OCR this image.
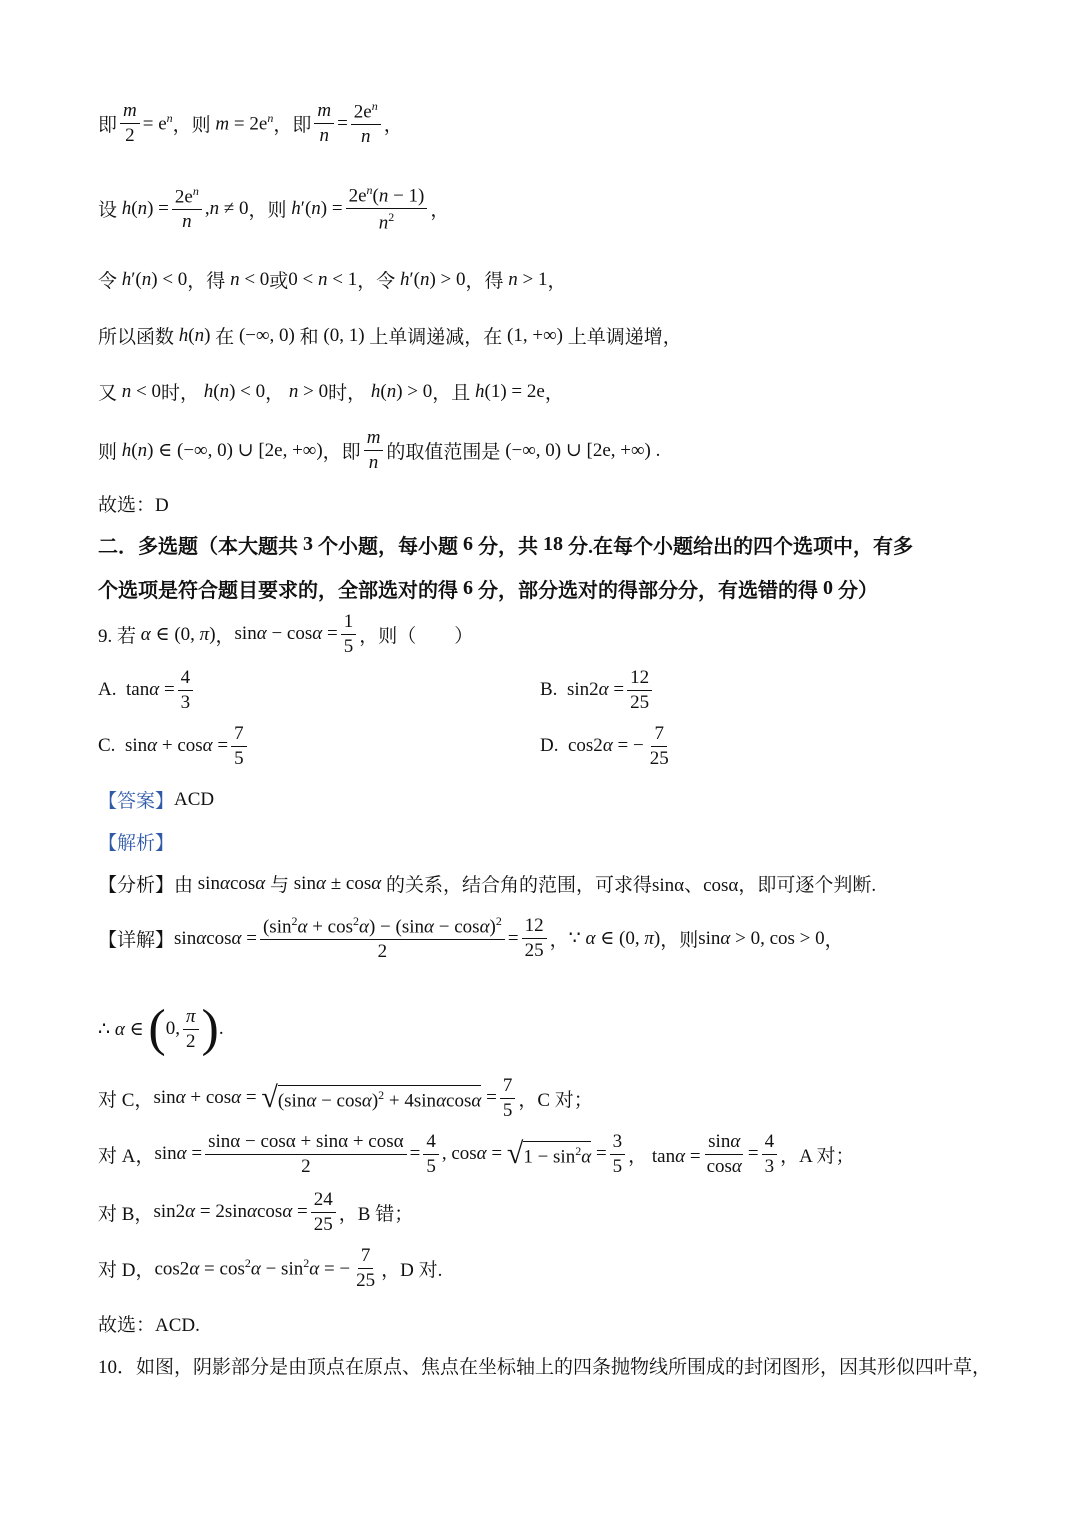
即 $\frac{m}{2} = e^n$ ，则 $m = 2e^n$ ，即 $\frac{m}{n} = \frac{2e^n}{n}$ ，
设 $h(n) = \frac{2e^n}{n} ,n \ne 0$ ，则 $h'(n) = \frac{2e^n(n - 1)}{n^2}$ ，
令 h′(n) < 0 ，得 n < 0 或 0 < n < 1 ，令 h′(n) > 0 ，得 n > 1 ，
所以函数 h(n) 在 (−∞, 0) 和 (0, 1) 上单调递减，在 (1, +∞) 上单调递增，
又 n < 0 时， h(n) < 0 ， n > 0 时， h(n) > 0 ，且 h(1) = 2e ，
则 h(n) ∈ (−∞, 0) ∪ [2e, +∞) ，即 $\frac{m}{n}$ 的取值范围是 (−∞, 0) ∪ [2e, +∞) .
故选：D
二．多选题（本大题共
3
个小题，每小题
6
分，共
18
分.在每个小题给出的四个选项中，有多
个选项是符合题目要求的，全部选对的得
6
分，部分选对的得部分分，有选错的得
0
分）
9. 若 α ∈ (0, π) ， $\sin\alpha - \cos\alpha = \frac{1}{5}$ ，则（　　）
A. $\tan\alpha = \frac{4}{3}$	B. $\sin 2\alpha = \frac{12}{25}$
C. $\sin\alpha + \cos\alpha = \frac{7}{5}$	D. cos2α = − $\frac{7}{25}$
【答案】 ACD
【解析】
【分析】 由 sinαcosα 与 sinα ± cosα 的关系，结合角的范围，可求得 sinα、cosα ，即可逐个判断.
【详解】 $\sin\alpha\cos\alpha = \frac{(\sin^2\alpha + \cos^2\alpha) - (\sin\alpha - \cos\alpha)^2}{2} = \frac{12}{25}$ ， ∵ α ∈ (0, π) ，则 sinα > 0, cos > 0 ，
∴ α ∈ ( 0, $\frac{\pi}{2}$ ) .
对 C， sinα + cosα = √ $(\sin\alpha - \cos\alpha)^2 + 4\sin\alpha\cos\alpha = \frac{7}{5}$ ，C 对；
对 A， $\sin\alpha = \frac{\sin\alpha - \cos\alpha + \sin\alpha + \cos\alpha}{2} = \frac{4}{5}$ , cosα = √ $1 - \sin^2\alpha = \frac{3}{5}$ ， $\tan\alpha = \frac{\sin\alpha}{\cos\alpha} = \frac{4}{3}$ ，A 对；
对 B， $\sin 2\alpha = 2\sin\alpha\cos\alpha = \frac{24}{25}$ ，B 错；
对 D， $\cos 2\alpha = \cos^2\alpha - \sin^2\alpha$ = − $\frac{7}{25}$ ，D 对.
故选：ACD.
10．如图，阴影部分是由顶点在原点、焦点在坐标轴上的四条抛物线所围成的封闭图形，因其形似四叶草，
